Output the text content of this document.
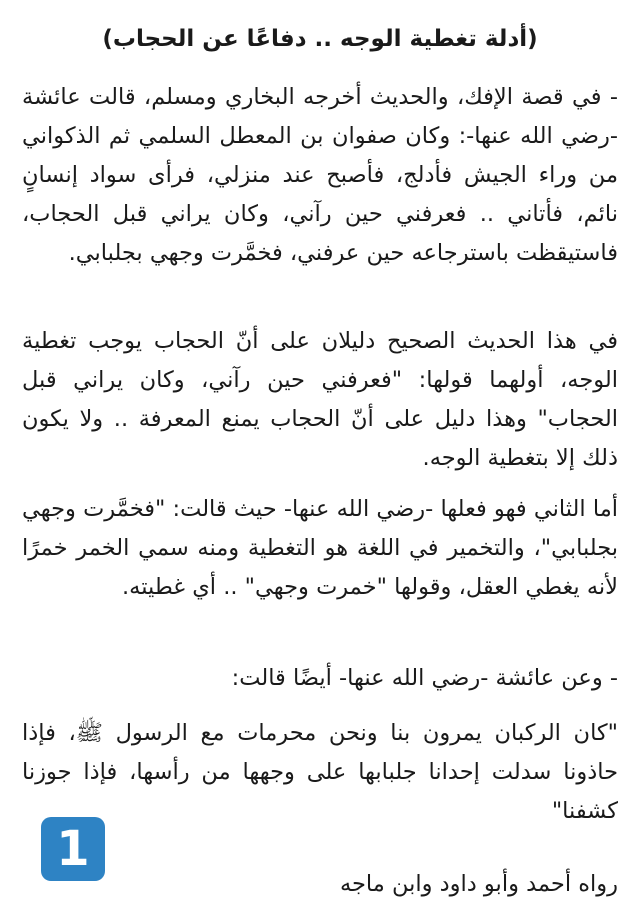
(أدلة تغطية الوجه .. دفاعًا عن الحجاب)

- في قصة الإفك، والحديث أخرجه البخاري ومسلم، قالت عائشة -رضي الله عنها-: وكان صفوان بن المعطل السلمي ثم الذكواني من وراء الجيش فأدلج، فأصبح عند منزلي، فرأى سواد إنسانٍ نائم، فأتاني .. فعرفني حين رآني، وكان يراني قبل الحجاب، فاستيقظت باسترجاعه حين عرفني، فخمَّرت وجهي بجلبابي.

في هذا الحديث الصحيح دليلان على أنّ الحجاب يوجب تغطية الوجه، أولهما قولها: "فعرفني حين رآني، وكان يراني قبل الحجاب" وهذا دليل على أنّ الحجاب يمنع المعرفة .. ولا يكون ذلك إلا بتغطية الوجه.

أما الثاني فهو فعلها -رضي الله عنها- حيث قالت: "فخمَّرت وجهي بجلبابي"، والتخمير في اللغة هو التغطية ومنه سمي الخمر خمرًا لأنه يغطي العقل، وقولها "خمرت وجهي" .. أي غطيته.

- وعن عائشة -رضي الله عنها- أيضًا قالت:

"كان الركبان يمرون بنا ونحن محرمات مع الرسول ﷺ، فإذا حاذونا سدلت إحدانا جلبابها على وجهها من رأسها، فإذا جوزنا كشفنا"

رواه أحمد وأبو داود وابن ماجه

1
